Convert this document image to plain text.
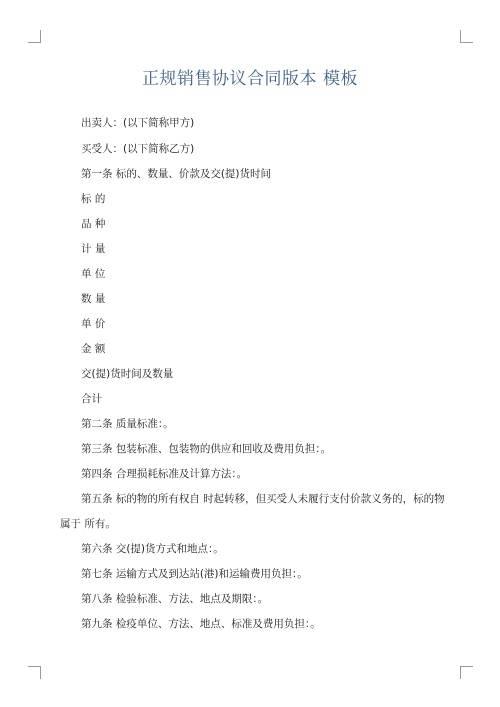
正规销售协议合同版本 模板
出卖人：(以下简称甲方)
买受人：(以下简称乙方)
第一条 标的、数量、价款及交(提)货时间
标 的
品 种
计 量
单 位
数 量
单 价
金 额
交(提)货时间及数量
合计
第二条 质量标准：。
第三条 包装标准、包装物的供应和回收及费用负担：。
第四条 合理损耗标准及计算方法：。
第五条 标的物的所有权自 时起转移，但买受人未履行支付价款义务的，标的物
属于 所有。
第六条 交(提)货方式和地点：。
第七条 运输方式及到达站(港)和运输费用负担：。
第八条 检验标准、方法、地点及期限：。
第九条 检疫单位、方法、地点、标准及费用负担：。
